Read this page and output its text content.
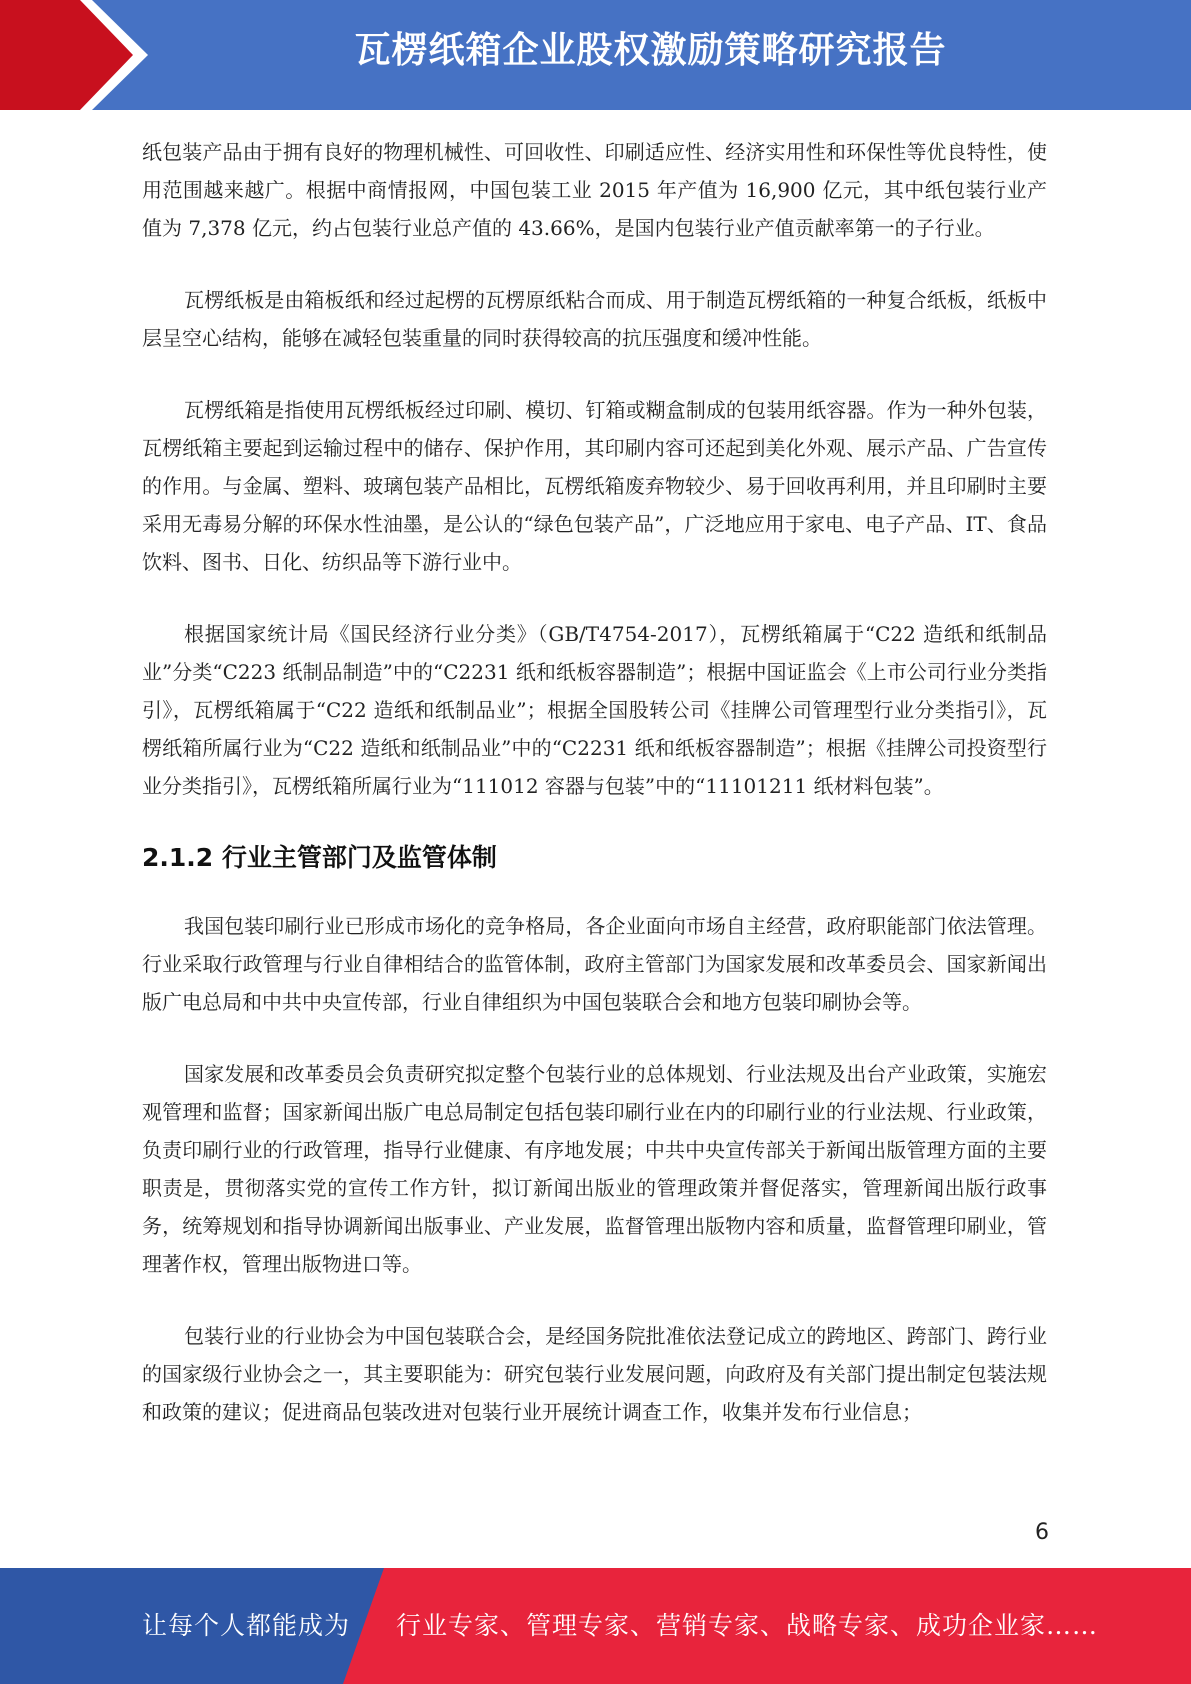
瓦楞纸箱企业股权激励策略研究报告

纸包装产品由于拥有良好的物理机械性、可回收性、印刷适应性、经济实用性和环保性等优良特性，使用范围越来越广。根据中商情报网，中国包装工业 2015 年产值为 16,900 亿元，其中纸包装行业产值为 7,378 亿元，约占包装行业总产值的 43.66%，是国内包装行业产值贡献率第一的子行业。

瓦楞纸板是由箱板纸和经过起楞的瓦楞原纸粘合而成、用于制造瓦楞纸箱的一种复合纸板，纸板中层呈空心结构，能够在减轻包装重量的同时获得较高的抗压强度和缓冲性能。

瓦楞纸箱是指使用瓦楞纸板经过印刷、模切、钉箱或糊盒制成的包装用纸容器。作为一种外包装，瓦楞纸箱主要起到运输过程中的储存、保护作用，其印刷内容可还起到美化外观、展示产品、广告宣传的作用。与金属、塑料、玻璃包装产品相比，瓦楞纸箱废弃物较少、易于回收再利用，并且印刷时主要采用无毒易分解的环保水性油墨，是公认的“绿色包装产品”，广泛地应用于家电、电子产品、IT、食品饮料、图书、日化、纺织品等下游行业中。

根据国家统计局《国民经济行业分类》（GB/T4754-2017），瓦楞纸箱属于“C22 造纸和纸制品业”分类“C223 纸制品制造”中的“C2231 纸和纸板容器制造”；根据中国证监会《上市公司行业分类指引》，瓦楞纸箱属于“C22 造纸和纸制品业”；根据全国股转公司《挂牌公司管理型行业分类指引》，瓦楞纸箱所属行业为“C22 造纸和纸制品业”中的“C2231 纸和纸板容器制造”；根据《挂牌公司投资型行业分类指引》，瓦楞纸箱所属行业为“111012 容器与包装”中的“11101211 纸材料包装”。

2.1.2 行业主管部门及监管体制

我国包装印刷行业已形成市场化的竞争格局，各企业面向市场自主经营，政府职能部门依法管理。行业采取行政管理与行业自律相结合的监管体制，政府主管部门为国家发展和改革委员会、国家新闻出版广电总局和中共中央宣传部，行业自律组织为中国包装联合会和地方包装印刷协会等。

国家发展和改革委员会负责研究拟定整个包装行业的总体规划、行业法规及出台产业政策，实施宏观管理和监督；国家新闻出版广电总局制定包括包装印刷行业在内的印刷行业的行业法规、行业政策，负责印刷行业的行政管理，指导行业健康、有序地发展；中共中央宣传部关于新闻出版管理方面的主要职责是，贯彻落实党的宣传工作方针，拟订新闻出版业的管理政策并督促落实，管理新闻出版行政事务，统筹规划和指导协调新闻出版事业、产业发展，监督管理出版物内容和质量，监督管理印刷业，管理著作权，管理出版物进口等。

包装行业的行业协会为中国包装联合会，是经国务院批准依法登记成立的跨地区、跨部门、跨行业的国家级行业协会之一，其主要职能为：研究包装行业发展问题，向政府及有关部门提出制定包装法规和政策的建议；促进商品包装改进对包装行业开展统计调查工作，收集并发布行业信息；

6
让每个人都能成为 行业专家、管理专家、营销专家、战略专家、成功企业家……
